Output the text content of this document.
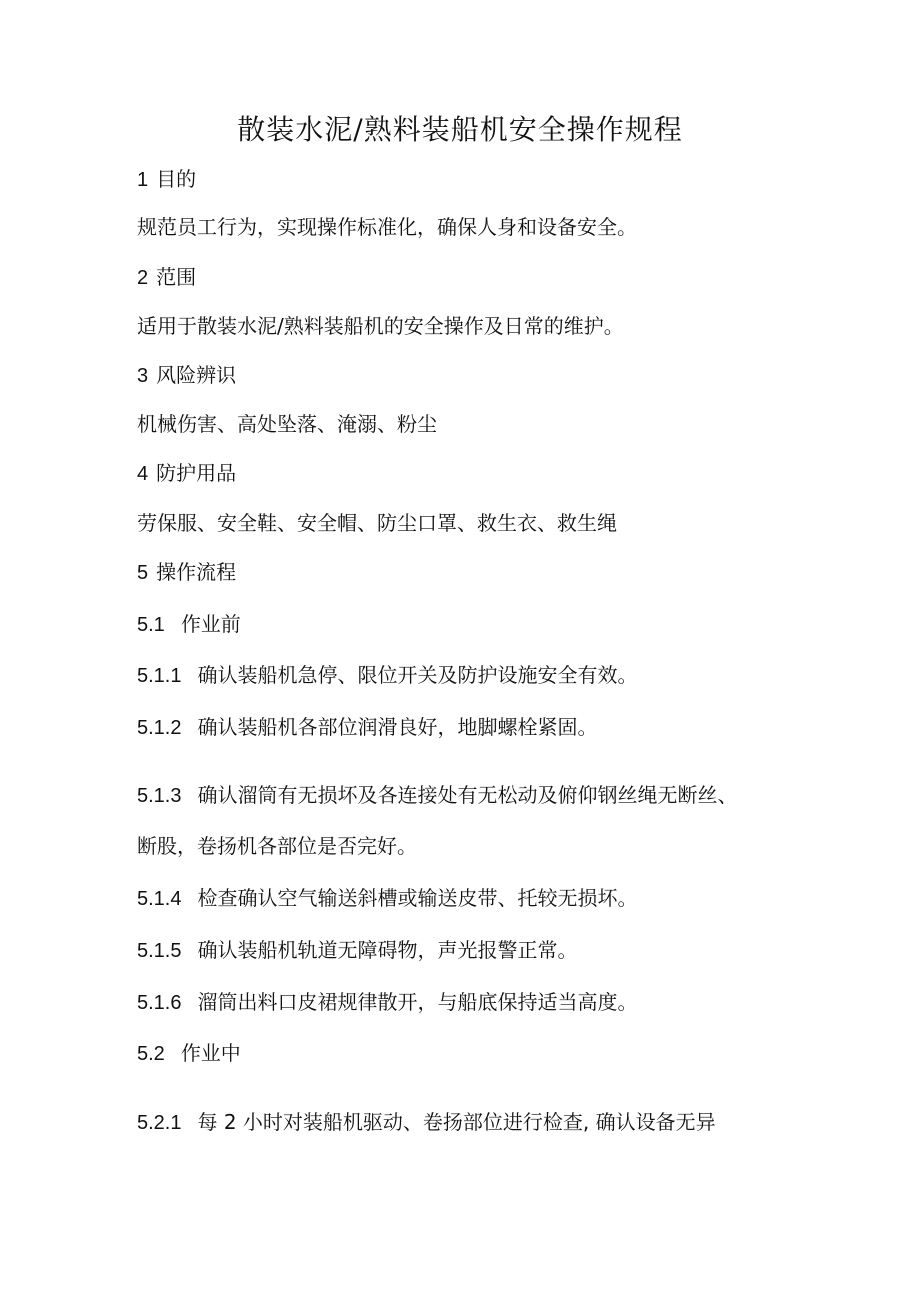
散装水泥/熟料装船机安全操作规程
1 目的
规范员工行为，实现操作标准化，确保人身和设备安全。
2 范围
适用于散装水泥/熟料装船机的安全操作及日常的维护。
3 风险辨识
机械伤害、高处坠落、淹溺、粉尘
4 防护用品
劳保服、安全鞋、安全帽、防尘口罩、救生衣、救生绳
5 操作流程
5.1 作业前
5.1.1 确认装船机急停、限位开关及防护设施安全有效。
5.1.2 确认装船机各部位润滑良好，地脚螺栓紧固。
5.1.3 确认溜筒有无损坏及各连接处有无松动及俯仰钢丝绳无断丝、
断股，卷扬机各部位是否完好。
5.1.4 检查确认空气输送斜槽或输送皮带、托较无损坏。
5.1.5 确认装船机轨道无障碍物，声光报警正常。
5.1.6 溜筒出料口皮裙规律散开，与船底保持适当高度。
5.2 作业中
5.2.1 每 2 小时对装船机驱动、卷扬部位进行检查, 确认设备无异
